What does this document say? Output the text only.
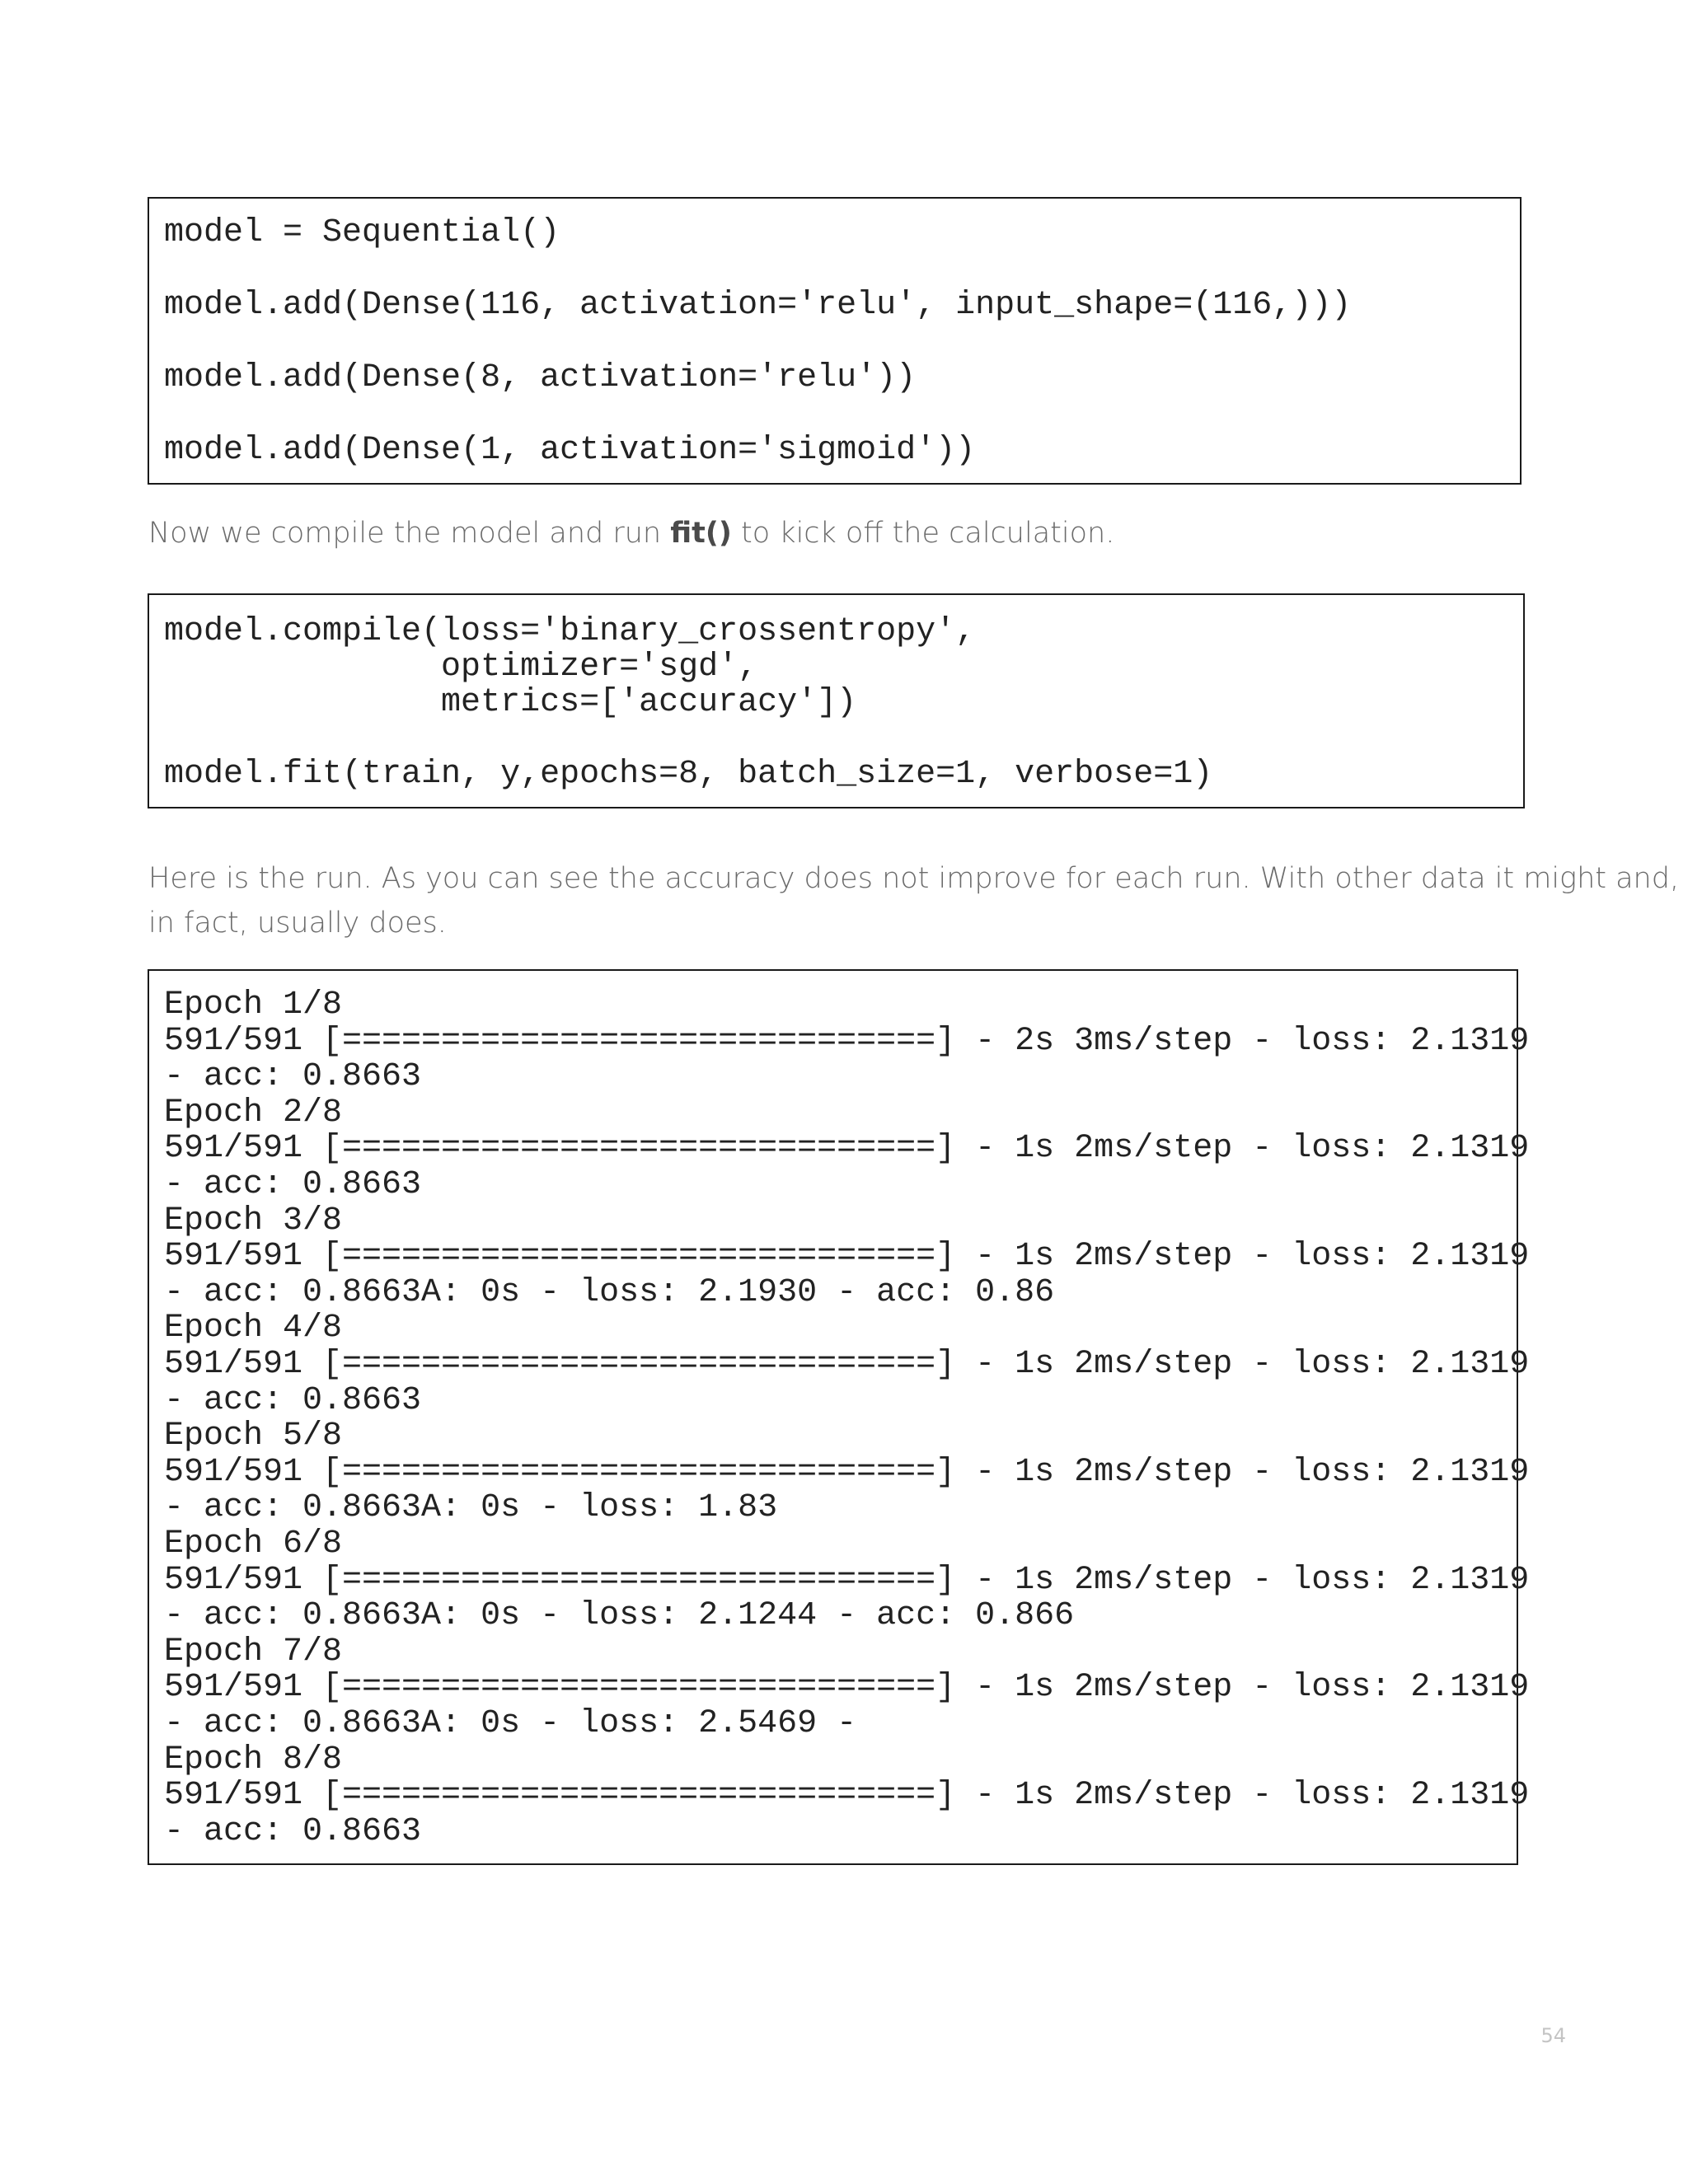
model = Sequential()
model.add(Dense(116, activation='relu', input_shape=(116,)))
model.add(Dense(8, activation='relu'))
model.add(Dense(1, activation='sigmoid'))

Now we compile the model and run fit() to kick off the calculation.

model.compile(loss='binary_crossentropy',
optimizer='sgd',
metrics=['accuracy'])
model.fit(train, y,epochs=8, batch_size=1, verbose=1)

Here is the run. As you can see the accuracy does not improve for each run. With other data it might and,
in fact, usually does.

Epoch 1/8
591/591 [==============================] - 2s 3ms/step - loss: 2.1319
- acc: 0.8663
Epoch 2/8
591/591 [==============================] - 1s 2ms/step - loss: 2.1319
- acc: 0.8663
Epoch 3/8
591/591 [==============================] - 1s 2ms/step - loss: 2.1319
- acc: 0.8663A: 0s - loss: 2.1930 - acc: 0.86
Epoch 4/8
591/591 [==============================] - 1s 2ms/step - loss: 2.1319
- acc: 0.8663
Epoch 5/8
591/591 [==============================] - 1s 2ms/step - loss: 2.1319
- acc: 0.8663A: 0s - loss: 1.83
Epoch 6/8
591/591 [==============================] - 1s 2ms/step - loss: 2.1319
- acc: 0.8663A: 0s - loss: 2.1244 - acc: 0.866
Epoch 7/8
591/591 [==============================] - 1s 2ms/step - loss: 2.1319
- acc: 0.8663A: 0s - loss: 2.5469 -
Epoch 8/8
591/591 [==============================] - 1s 2ms/step - loss: 2.1319
- acc: 0.8663
54
